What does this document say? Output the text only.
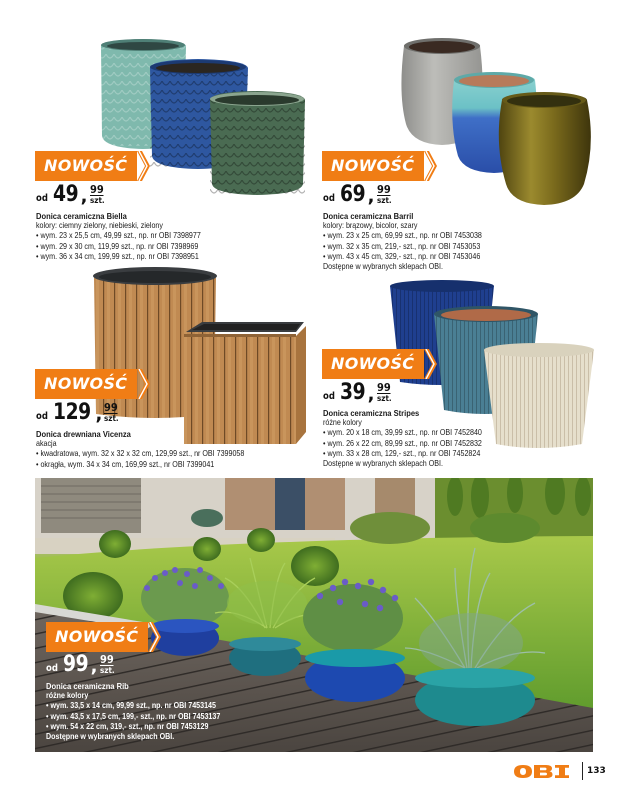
NOWOŚĆ
od 49 , 99
szt.
Donica ceramiczna Biella
kolory: ciemny zielony, niebieski, zielony
• wym. 23 x 25,5 cm, 49,99 szt., np. nr OBI 7398977
• wym. 29 x 30 cm, 119,99 szt., np. nr OBI 7398969
• wym. 36 x 34 cm, 199,99 szt., np. nr OBI 7398951
NOWOŚĆ
od 69 , 99
szt.
Donica ceramiczna Barril
kolory: brązowy, bicolor, szary
• wym. 23 x 25 cm, 69,99 szt., np. nr OBI 7453038
• wym. 32 x 35 cm, 219,- szt., np. nr OBI 7453053
• wym. 43 x 45 cm, 329,- szt., np. nr OBI 7453046
Dostępne w wybranych sklepach OBI.
NOWOŚĆ
od 129 , 99
szt.
Donica drewniana Vicenza
akacja
• kwadratowa, wym. 32 x 32 x 32 cm, 129,99 szt., nr OBI 7399058
• okrągła, wym. 34 x 34 cm, 169,99 szt., nr OBI 7399041
NOWOŚĆ
od 39 , 99
szt.
Donica ceramiczna Stripes
różne kolory
• wym. 20 x 18 cm, 39,99 szt., np. nr OBI 7452840
• wym. 26 x 22 cm, 89,99 szt., np. nr OBI 7452832
• wym. 33 x 28 cm, 129,- szt., np. nr OBI 7452824
Dostępne w wybranych sklepach OBI.
NOWOŚĆ
od 99 , 99
szt.
Donica ceramiczna Rib
różne kolory
• wym. 33,5 x 14 cm, 99,99 szt., np. nr OBI 7453145
• wym. 43,5 x 17,5 cm, 199,- szt., np. nr OBI 7453137
• wym. 54 x 22 cm, 319,- szt., np. nr OBI 7453129
Dostępne w wybranych sklepach OBI.
133
